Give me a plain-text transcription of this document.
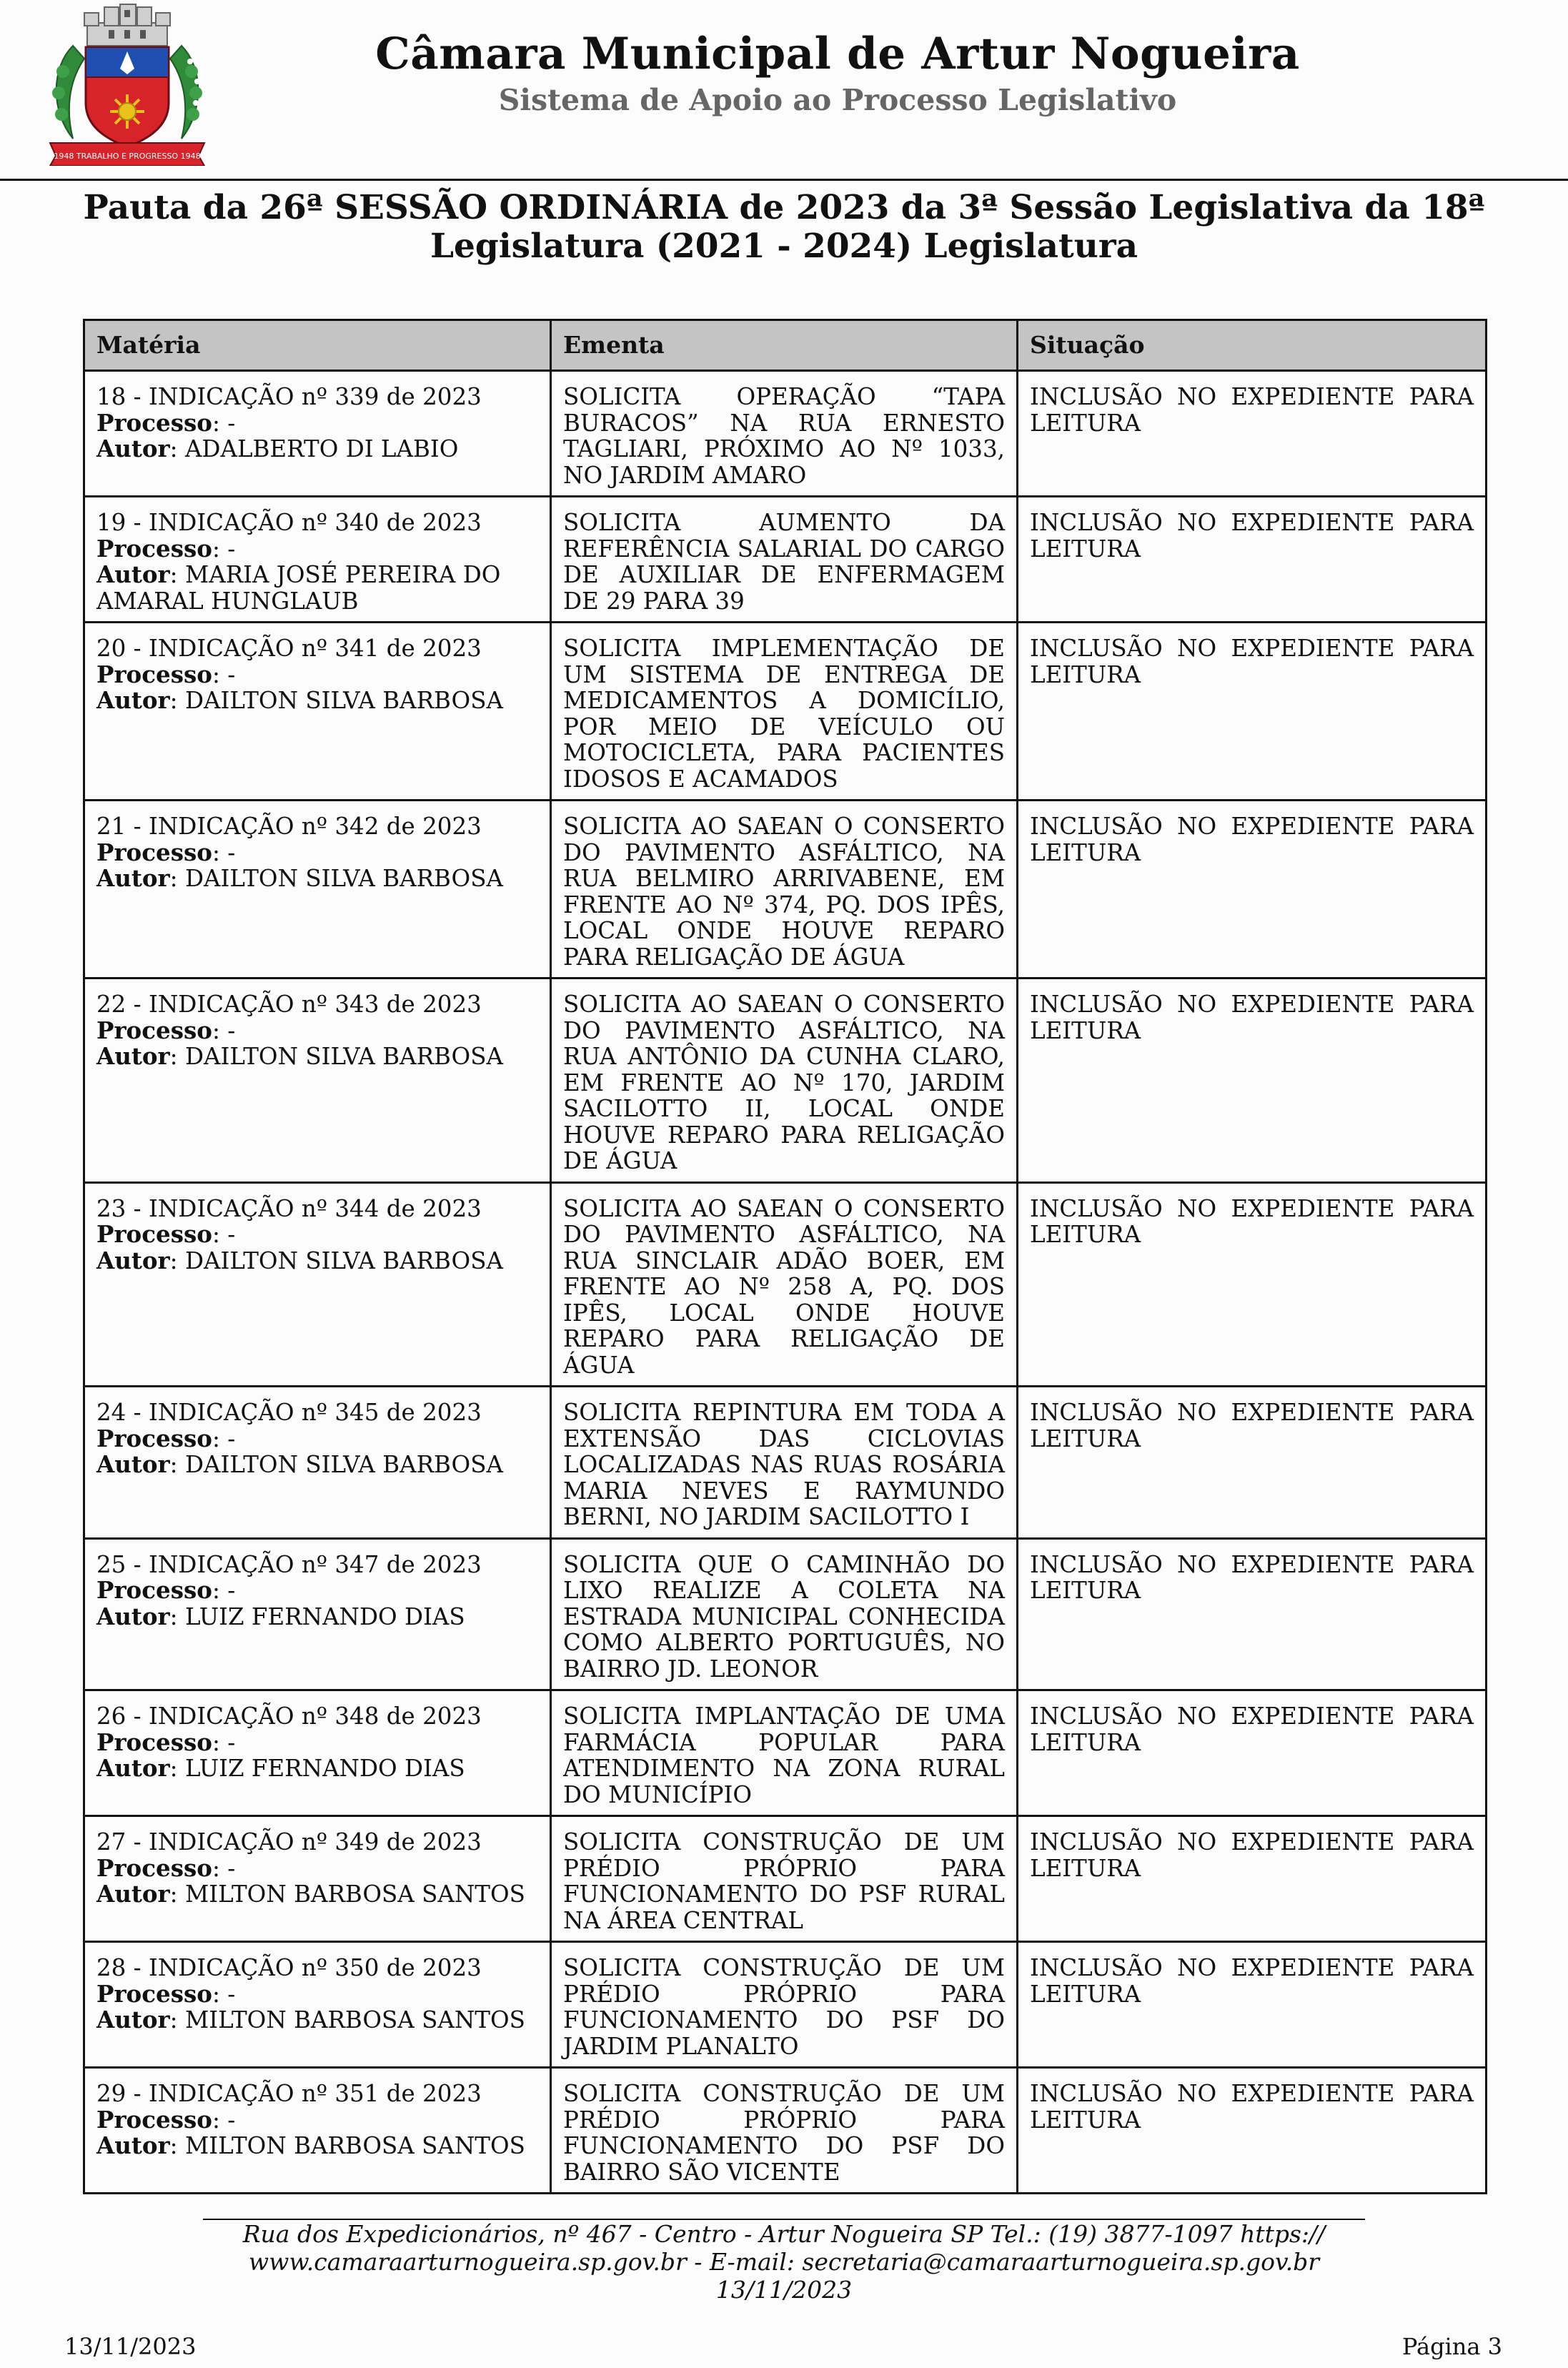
1948 TRABALHO E PROGRESSO 1948
Câmara Municipal de Artur Nogueira
Sistema de Apoio ao Processo Legislativo
Pauta da 26ª SESSÃO ORDINÁRIA de 2023 da 3ª Sessão Legislativa da 18ª Legislatura (2021 - 2024) Legislatura
Matéria	Ementa	Situação

18 - INDICAÇÃO nº 339 de 2023
Processo: -
Autor: ADALBERTO DI LABIO	SOLICITA OPERAÇÃO “TAPA BURACOS” NA RUA ERNESTO TAGLIARI, PRÓXIMO AO Nº 1033, NO JARDIM AMARO	INCLUSÃO NO EXPEDIENTE PARA LEITURA

19 - INDICAÇÃO nº 340 de 2023
Processo: -
Autor: MARIA JOSÉ PEREIRA DO AMARAL HUNGLAUB	SOLICITA AUMENTO DA REFERÊNCIA SALARIAL DO CARGO DE AUXILIAR DE ENFERMAGEM DE 29 PARA 39	INCLUSÃO NO EXPEDIENTE PARA LEITURA

20 - INDICAÇÃO nº 341 de 2023
Processo: -
Autor: DAILTON SILVA BARBOSA	SOLICITA IMPLEMENTAÇÃO DE UM SISTEMA DE ENTREGA DE MEDICAMENTOS A DOMICÍLIO, POR MEIO DE VEÍCULO OU MOTOCICLETA, PARA PACIENTES IDOSOS E ACAMADOS	INCLUSÃO NO EXPEDIENTE PARA LEITURA

21 - INDICAÇÃO nº 342 de 2023
Processo: -
Autor: DAILTON SILVA BARBOSA	SOLICITA AO SAEAN O CONSERTO DO PAVIMENTO ASFÁLTICO, NA RUA BELMIRO ARRIVABENE, EM FRENTE AO Nº 374, PQ. DOS IPÊS, LOCAL ONDE HOUVE REPARO PARA RELIGAÇÃO DE ÁGUA	INCLUSÃO NO EXPEDIENTE PARA LEITURA

22 - INDICAÇÃO nº 343 de 2023
Processo: -
Autor: DAILTON SILVA BARBOSA	SOLICITA AO SAEAN O CONSERTO DO PAVIMENTO ASFÁLTICO, NA RUA ANTÔNIO DA CUNHA CLARO, EM FRENTE AO Nº 170, JARDIM SACILOTTO II, LOCAL ONDE HOUVE REPARO PARA RELIGAÇÃO DE ÁGUA	INCLUSÃO NO EXPEDIENTE PARA LEITURA

23 - INDICAÇÃO nº 344 de 2023
Processo: -
Autor: DAILTON SILVA BARBOSA	SOLICITA AO SAEAN O CONSERTO DO PAVIMENTO ASFÁLTICO, NA RUA SINCLAIR ADÃO BOER, EM FRENTE AO Nº 258 A, PQ. DOS IPÊS, LOCAL ONDE HOUVE REPARO PARA RELIGAÇÃO DE ÁGUA	INCLUSÃO NO EXPEDIENTE PARA LEITURA

24 - INDICAÇÃO nº 345 de 2023
Processo: -
Autor: DAILTON SILVA BARBOSA	SOLICITA REPINTURA EM TODA A EXTENSÃO DAS CICLOVIAS LOCALIZADAS NAS RUAS ROSÁRIA MARIA NEVES E RAYMUNDO BERNI, NO JARDIM SACILOTTO I	INCLUSÃO NO EXPEDIENTE PARA LEITURA

25 - INDICAÇÃO nº 347 de 2023
Processo: -
Autor: LUIZ FERNANDO DIAS	SOLICITA QUE O CAMINHÃO DO LIXO REALIZE A COLETA NA ESTRADA MUNICIPAL CONHECIDA COMO ALBERTO PORTUGUÊS, NO BAIRRO JD. LEONOR	INCLUSÃO NO EXPEDIENTE PARA LEITURA

26 - INDICAÇÃO nº 348 de 2023
Processo: -
Autor: LUIZ FERNANDO DIAS	SOLICITA IMPLANTAÇÃO DE UMA FARMÁCIA POPULAR PARA ATENDIMENTO NA ZONA RURAL DO MUNICÍPIO	INCLUSÃO NO EXPEDIENTE PARA LEITURA

27 - INDICAÇÃO nº 349 de 2023
Processo: -
Autor: MILTON BARBOSA SANTOS	SOLICITA CONSTRUÇÃO DE UM PRÉDIO PRÓPRIO PARA FUNCIONAMENTO DO PSF RURAL NA ÁREA CENTRAL	INCLUSÃO NO EXPEDIENTE PARA LEITURA

28 - INDICAÇÃO nº 350 de 2023
Processo: -
Autor: MILTON BARBOSA SANTOS	SOLICITA CONSTRUÇÃO DE UM PRÉDIO PRÓPRIO PARA FUNCIONAMENTO DO PSF DO JARDIM PLANALTO	INCLUSÃO NO EXPEDIENTE PARA LEITURA

29 - INDICAÇÃO nº 351 de 2023
Processo: -
Autor: MILTON BARBOSA SANTOS	SOLICITA CONSTRUÇÃO DE UM PRÉDIO PRÓPRIO PARA FUNCIONAMENTO DO PSF DO BAIRRO SÃO VICENTE	INCLUSÃO NO EXPEDIENTE PARA LEITURA
Rua dos Expedicionários, nº 467 - Centro - Artur Nogueira SP Tel.: (19) 3877-1097 https:// www.camaraarturnogueira.sp.gov.br - E-mail: secretaria@camaraarturnogueira.sp.gov.br 13/11/2023
13/11/2023	Página 3
